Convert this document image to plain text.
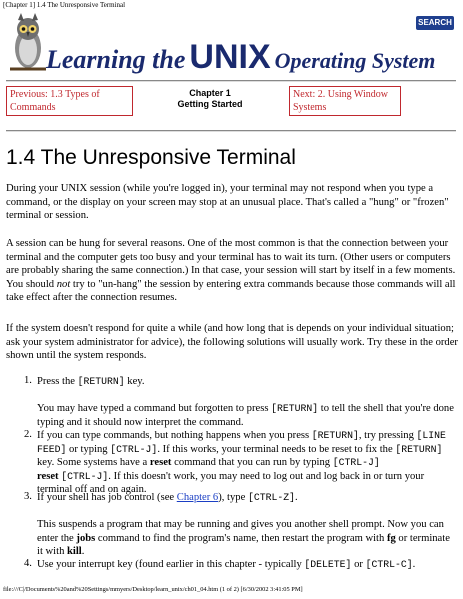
[Chapter 1] 1.4 The Unresponsive Terminal
Learning the UNIX Operating System
SEARCH
Previous: 1.3 Types of Commands
Chapter 1
Getting Started
Next: 2. Using Window Systems
1.4 The Unresponsive Terminal

During your UNIX session (while you're logged in), your terminal may not respond when you type a command, or the display on your screen may stop at an unusual place. That's called a "hung" or "frozen" terminal or session.

A session can be hung for several reasons. One of the most common is that the connection between your terminal and the computer gets too busy and your terminal has to wait its turn. (Other users or computers are probably sharing the same connection.) In that case, your session will start by itself in a few moments. You should not try to "un-hang" the session by entering extra commands because those commands will all take effect after the connection resumes.

If the system doesn't respond for quite a while (and how long that is depends on your individual situation; ask your system administrator for advice), the following solutions will usually work. Try these in the order shown until the system responds.

1. Press the [RETURN] key.

You may have typed a command but forgotten to press [RETURN] to tell the shell that you're done typing and it should now interpret the command.

2. If you can type commands, but nothing happens when you press [RETURN], try pressing [LINE FEED] or typing [CTRL-J]. If this works, your terminal needs to be reset to fix the [RETURN] key. Some systems have a reset command that you can run by typing [CTRL-J]
reset [CTRL-J]. If this doesn't work, you may need to log out and log back in or turn your terminal off and on again.

3. If your shell has job control (see Chapter 6), type [CTRL-Z].

This suspends a program that may be running and gives you another shell prompt. Now you can enter the jobs command to find the program's name, then restart the program with fg or terminate it with kill.

4. Use your interrupt key (found earlier in this chapter - typically [DELETE] or [CTRL-C].

file:///C|/Documents%20and%20Settings/mmyers/Desktop/learn_unix/ch01_04.htm (1 of 2) [6/30/2002 3:41:05 PM]
